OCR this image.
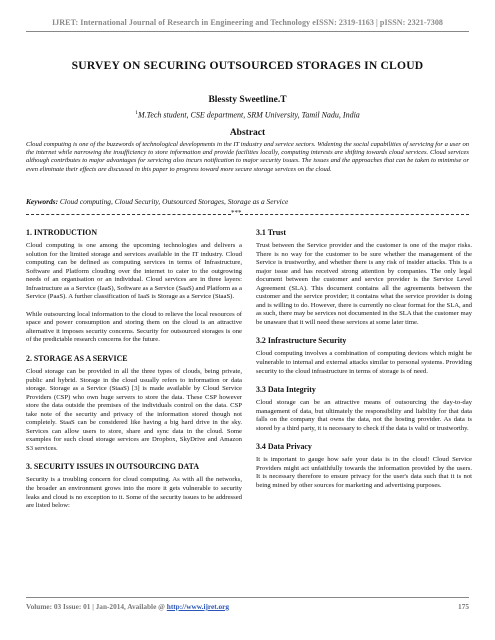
IJRET: International Journal of Research in Engineering and Technology eISSN: 2319-1163 | pISSN: 2321-7308
SURVEY ON SECURING OUTSOURCED STORAGES IN CLOUD
Blessty Sweetline.T
$^1$M.Tech student, CSE department, SRM University, Tamil Nadu, India
Abstract
Cloud computing is one of the buzzwords of technological developments in the IT industry and service sectors. Widening the social capabilities of servicing for a user on the internet while narrowing the insufficiency to store information and provide facilities locally, computing interests are shifting towards cloud services. Cloud services although contributes to major advantages for servicing also incurs notification to major security issues. The issues and the approaches that can be taken to minimise or even eliminate their effects are discussed in this paper to progress toward more secure storage services on the cloud.
Keywords: Cloud computing, Cloud Security, Outsourced Storages, Storage as a Service
***
1. INTRODUCTION

Cloud computing is one among the upcoming technologies and delivers a solution for the limited storage and services available in the IT industry. Cloud computing can be defined as computing services in terms of Infrastructure, Software and Platform clouding over the internet to cater to the outgrowing needs of an organisation or an individual. Cloud services are in three layers: Infrastructure as a Service (IaaS), Software as a Service (SaaS) and Platform as a Service (PaaS). A further classification of IaaS is Storage as a Service (StaaS).

While outsourcing local information to the cloud to relieve the local resources of space and power consumption and storing them on the cloud is an attractive alternative it imposes security concerns. Security for outsourced storages is one of the predictable research concerns for the future.

2. STORAGE AS A SERVICE

Cloud storage can be provided in all the three types of clouds, being private, public and hybrid. Storage in the cloud usually refers to information or data storage. Storage as a Service (StaaS) [3] is made available by Cloud Service Providers (CSP) who own huge servers to store the data. These CSP however store the data outside the premises of the individuals control on the data. CSP take note of the security and privacy of the information stored though not completely. StaaS can be considered like having a big hard drive in the sky. Services can allow users to store, share and sync data in the cloud. Some examples for such cloud storage services are Dropbox, SkyDrive and Amazon S3 services.

3. SECURITY ISSUES IN OUTSOURCING DATA

Security is a troubling concern for cloud computing. As with all the networks, the broader an environment grows into the more it gets vulnerable to security leaks and cloud is no exception to it. Some of the security issues to be addressed are listed below:

3.1 Trust

Trust between the Service provider and the customer is one of the major risks. There is no way for the customer to be sure whether the management of the Service is trustworthy, and whether there is any risk of insider attacks. This is a major issue and has received strong attention by companies. The only legal document between the customer and service provider is the Service Level Agreement (SLA). This document contains all the agreements between the customer and the service provider; it contains what the service provider is doing and is willing to do. However, there is currently no clear format for the SLA, and as such, there may be services not documented in the SLA that the customer may be unaware that it will need these services at some later time.

3.2 Infrastructure Security

Cloud computing involves a combination of computing devices which might be vulnerable to internal and external attacks similar to personal systems. Providing security to the cloud infrastructure in terms of storage is of need.

3.3 Data Integrity

Cloud storage can be an attractive means of outsourcing the day-to-day management of data, but ultimately the responsibility and liability for that data falls on the company that owns the data, not the hosting provider. As data is stored by a third party, it is necessary to check if the data is valid or trustworthy.

3.4 Data Privacy

It is important to gauge how safe your data is in the cloud! Cloud Service Providers might act unfaithfully towards the information provided by the users. It is necessary therefore to ensure privacy for the user's data such that it is not being mined by other sources for marketing and advertising purposes.

Volume: 03 Issue: 01 | Jan-2014, Available @ http://www.ijret.org	175
